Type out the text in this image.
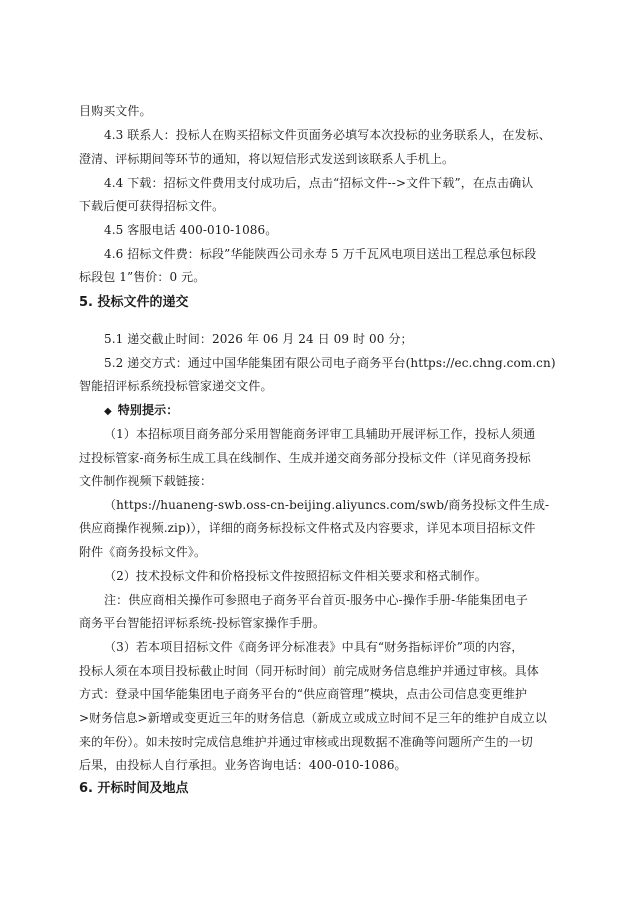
目购买文件。
4.3 联系人：投标人在购买招标文件页面务必填写本次投标的业务联系人，在发标、
澄清、评标期间等环节的通知，将以短信形式发送到该联系人手机上。
4.4 下载：招标文件费用支付成功后，点击“招标文件-->文件下载”，在点击确认
下载后便可获得招标文件。
4.5 客服电话 400-010-1086。
4.6 招标文件费：标段”华能陕西公司永寿 5 万千瓦风电项目送出工程总承包标段
标段包 1”售价：0 元。
5. 投标文件的递交
5.1 递交截止时间：2026 年 06 月 24 日 09 时 00 分；
5.2 递交方式：通过中国华能集团有限公司电子商务平台(https://ec.chng.com.cn)
智能招评标系统投标管家递交文件。
◆ 特别提示：
（1）本招标项目商务部分采用智能商务评审工具辅助开展评标工作，投标人须通
过投标管家-商务标生成工具在线制作、生成并递交商务部分投标文件（详见商务投标
文件制作视频下载链接：
（https://huaneng-swb.oss-cn-beijing.aliyuncs.com/swb/商务投标文件生成-
供应商操作视频.zip)），详细的商务标投标文件格式及内容要求，详见本项目招标文件
附件《商务投标文件》。
（2）技术投标文件和价格投标文件按照招标文件相关要求和格式制作。
注：供应商相关操作可参照电子商务平台首页-服务中心-操作手册-华能集团电子
商务平台智能招评标系统-投标管家操作手册。
（3）若本项目招标文件《商务评分标准表》中具有“财务指标评价”项的内容，
投标人须在本项目投标截止时间（同开标时间）前完成财务信息维护并通过审核。具体
方式：登录中国华能集团电子商务平台的“供应商管理”模块，点击公司信息变更维护
>财务信息>新增或变更近三年的财务信息（新成立或成立时间不足三年的维护自成立以
来的年份）。如未按时完成信息维护并通过审核或出现数据不准确等问题所产生的一切
后果，由投标人自行承担。业务咨询电话：400-010-1086。
6. 开标时间及地点
